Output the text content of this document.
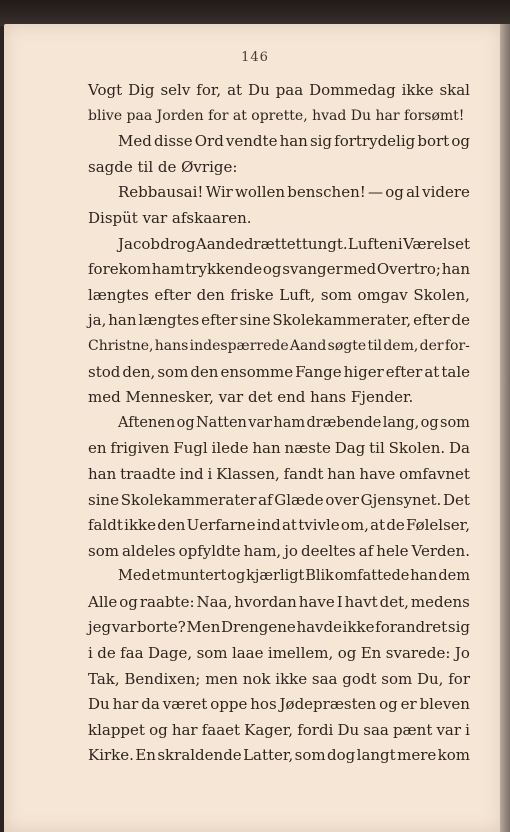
146
Vogt Dig selv for, at Du paa Dommedag ikke skal
blive paa Jorden for at oprette, hvad Du har forsømt!
Med disse Ord vendte han sig fortrydelig bort og
sagde til de Øvrige:
Rebbausai! Wir wollen benschen! — og al videre
Dispüt var afskaaren.
Jacob drog Aandedrættet tungt. Luften i Værelset
forekom ham trykkende og svanger med Overtro; han
længtes efter den friske Luft, som omgav Skolen,
ja, han længtes efter sine Skolekammerater, efter de
Christne, hans indespærrede Aand søgte til dem, der for-
stod den, som den ensomme Fange higer efter at tale
med Mennesker, var det end hans Fjender.
Aftenen og Natten var ham dræbende lang, og som
en frigiven Fugl ilede han næste Dag til Skolen. Da
han traadte ind i Klassen, fandt han have omfavnet
sine Skolekammerater af Glæde over Gjensynet. Det
faldt ikke den Uerfarne ind at tvivle om, at de Følelser,
som aldeles opfyldte ham, jo deeltes af hele Verden.
Med et muntert og kjærligt Blik omfattede han dem
Alle og raabte: Naa, hvordan have I havt det, medens
jeg var borte? Men Drengene havde ikke forandret sig
i de faa Dage, som laae imellem, og En svarede: Jo
Tak, Bendixen; men nok ikke saa godt som Du, for
Du har da været oppe hos Jødepræsten og er bleven
klappet og har faaet Kager, fordi Du saa pænt var i
Kirke. En skraldende Latter, som dog langt mere kom
